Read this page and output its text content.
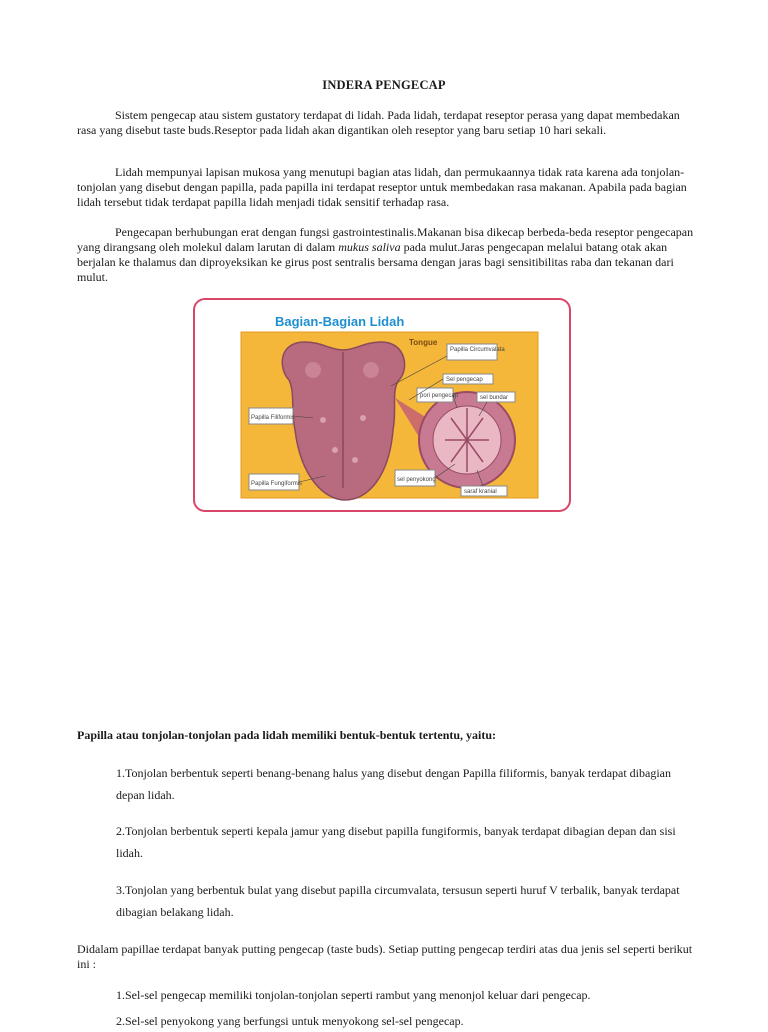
INDERA PENGECAP

Sistem pengecap atau sistem gustatory terdapat di lidah. Pada lidah, terdapat reseptor perasa yang dapat membedakan rasa yang disebut taste buds.Reseptor pada lidah akan digantikan oleh reseptor yang baru setiap 10 hari sekali.

Lidah mempunyai lapisan mukosa yang menutupi bagian atas lidah, dan permukaannya tidak rata karena ada tonjolan-tonjolan yang disebut dengan papilla, pada papilla ini terdapat reseptor untuk membedakan rasa makanan. Apabila pada bagian lidah tersebut tidak terdapat papilla lidah menjadi tidak sensitif terhadap rasa.

Pengecapan berhubungan erat dengan fungsi gastrointestinalis.Makanan bisa dikecap berbeda-beda reseptor pengecapan yang dirangsang oleh molekul dalam larutan di dalam mukus saliva pada mulut.Jaras pengecapan melalui batang otak akan berjalan ke thalamus dan diproyeksikan ke girus post sentralis bersama dengan jaras bagi sensitibilitas raba dan tekanan dari mulut.

Bagian-Bagian Lidah
Tongue
Papilla Circumvalata
Sel pengecap
pori pengecap	sel bundar
Papilla Filiformis
Papilla Fungiformis
sel penyokong
saraf kranial
Papilla atau tonjolan-tonjolan pada lidah memiliki bentuk-bentuk tertentu, yaitu:

1.Tonjolan berbentuk seperti benang-benang halus yang disebut dengan Papilla filiformis, banyak terdapat dibagian depan lidah.

2.Tonjolan berbentuk seperti kepala jamur yang disebut papilla fungiformis, banyak terdapat dibagian depan dan sisi lidah.

3.Tonjolan yang berbentuk bulat yang disebut papilla circumvalata, tersusun seperti huruf V terbalik, banyak terdapat dibagian belakang lidah.

Didalam papillae terdapat banyak putting pengecap (taste buds). Setiap putting pengecap terdiri atas dua jenis sel seperti berikut ini :

1.Sel-sel pengecap memiliki tonjolan-tonjolan seperti rambut yang menonjol keluar dari pengecap.

2.Sel-sel penyokong yang berfungsi untuk menyokong sel-sel pengecap.
